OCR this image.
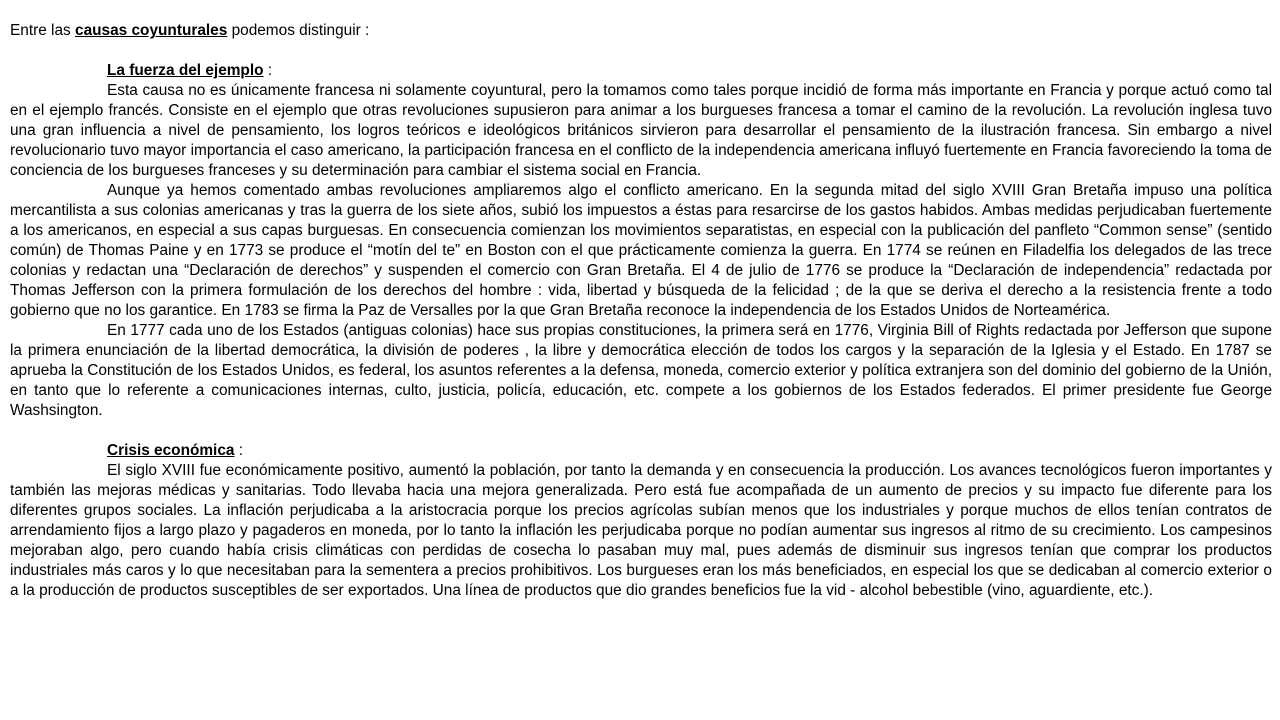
Entre las causas coyunturales podemos distinguir :

La fuerza del ejemplo :

Esta causa no es únicamente francesa ni solamente coyuntural, pero la tomamos como tales porque incidió de forma más importante en Francia y porque actuó como tal en el ejemplo francés. Consiste en el ejemplo que otras revoluciones supusieron para animar a los burgueses francesa a tomar el camino de la revolución. La revolución inglesa tuvo una gran influencia a nivel de pensamiento, los logros teóricos e ideológicos británicos sirvieron para desarrollar el pensamiento de la ilustración francesa. Sin embargo a nivel revolucionario tuvo mayor importancia el caso americano, la participación francesa en el conflicto de la independencia americana influyó fuertemente en Francia favoreciendo la toma de conciencia de los burgueses franceses y su determinación para cambiar el sistema social en Francia.

Aunque ya hemos comentado ambas revoluciones ampliaremos algo el conflicto americano. En la segunda mitad del siglo XVIII Gran Bretaña impuso una política mercantilista a sus colonias americanas y tras la guerra de los siete años, subió los impuestos a éstas para resarcirse de los gastos habidos. Ambas medidas perjudicaban fuertemente a los americanos, en especial a sus capas burguesas. En consecuencia comienzan los movimientos separatistas, en especial con la publicación del panfleto “Common sense” (sentido común) de Thomas Paine y en 1773 se produce el “motín del te” en Boston con el que prácticamente comienza la guerra. En 1774 se reúnen en Filadelfia los delegados de las trece colonias y redactan una “Declaración de derechos” y suspenden el comercio con Gran Bretaña. El 4 de julio de 1776 se produce la “Declaración de independencia” redactada por Thomas Jefferson con la primera formulación de los derechos del hombre : vida, libertad y búsqueda de la felicidad ; de la que se deriva el derecho a la resistencia frente a todo gobierno que no los garantice. En 1783 se firma la Paz de Versalles por la que Gran Bretaña reconoce la independencia de los Estados Unidos de Norteamérica.

En 1777 cada uno de los Estados (antiguas colonias) hace sus propias constituciones, la primera será en 1776, Virginia Bill of Rights redactada por Jefferson que supone la primera enunciación de la libertad democrática, la división de poderes , la libre y democrática elección de todos los cargos y la separación de la Iglesia y el Estado. En 1787 se aprueba la Constitución de los Estados Unidos, es federal, los asuntos referentes a la defensa, moneda, comercio exterior y política extranjera son del dominio del gobierno de la Unión, en tanto que lo referente a comunicaciones internas, culto, justicia, policía, educación, etc. compete a los gobiernos de los Estados federados. El primer presidente fue George Washsington.

Crisis económica :

El siglo XVIII fue económicamente positivo, aumentó la población, por tanto la demanda y en consecuencia la producción. Los avances tecnológicos fueron importantes y también las mejoras médicas y sanitarias. Todo llevaba hacia una mejora generalizada. Pero está fue acompañada de un aumento de precios y su impacto fue diferente para los diferentes grupos sociales. La inflación perjudicaba a la aristocracia porque los precios agrícolas subían menos que los industriales y porque muchos de ellos tenían contratos de arrendamiento fijos a largo plazo y pagaderos en moneda, por lo tanto la inflación les perjudicaba porque no podían aumentar sus ingresos al ritmo de su crecimiento. Los campesinos mejoraban algo, pero cuando había crisis climáticas con perdidas de cosecha lo pasaban muy mal, pues además de disminuir sus ingresos tenían que comprar los productos industriales más caros y lo que necesitaban para la sementera a precios prohibitivos. Los burgueses eran los más beneficiados, en especial los que se dedicaban al comercio exterior o a la producción de productos susceptibles de ser exportados. Una línea de productos que dio grandes beneficios fue la vid - alcohol bebestible (vino, aguardiente, etc.).
